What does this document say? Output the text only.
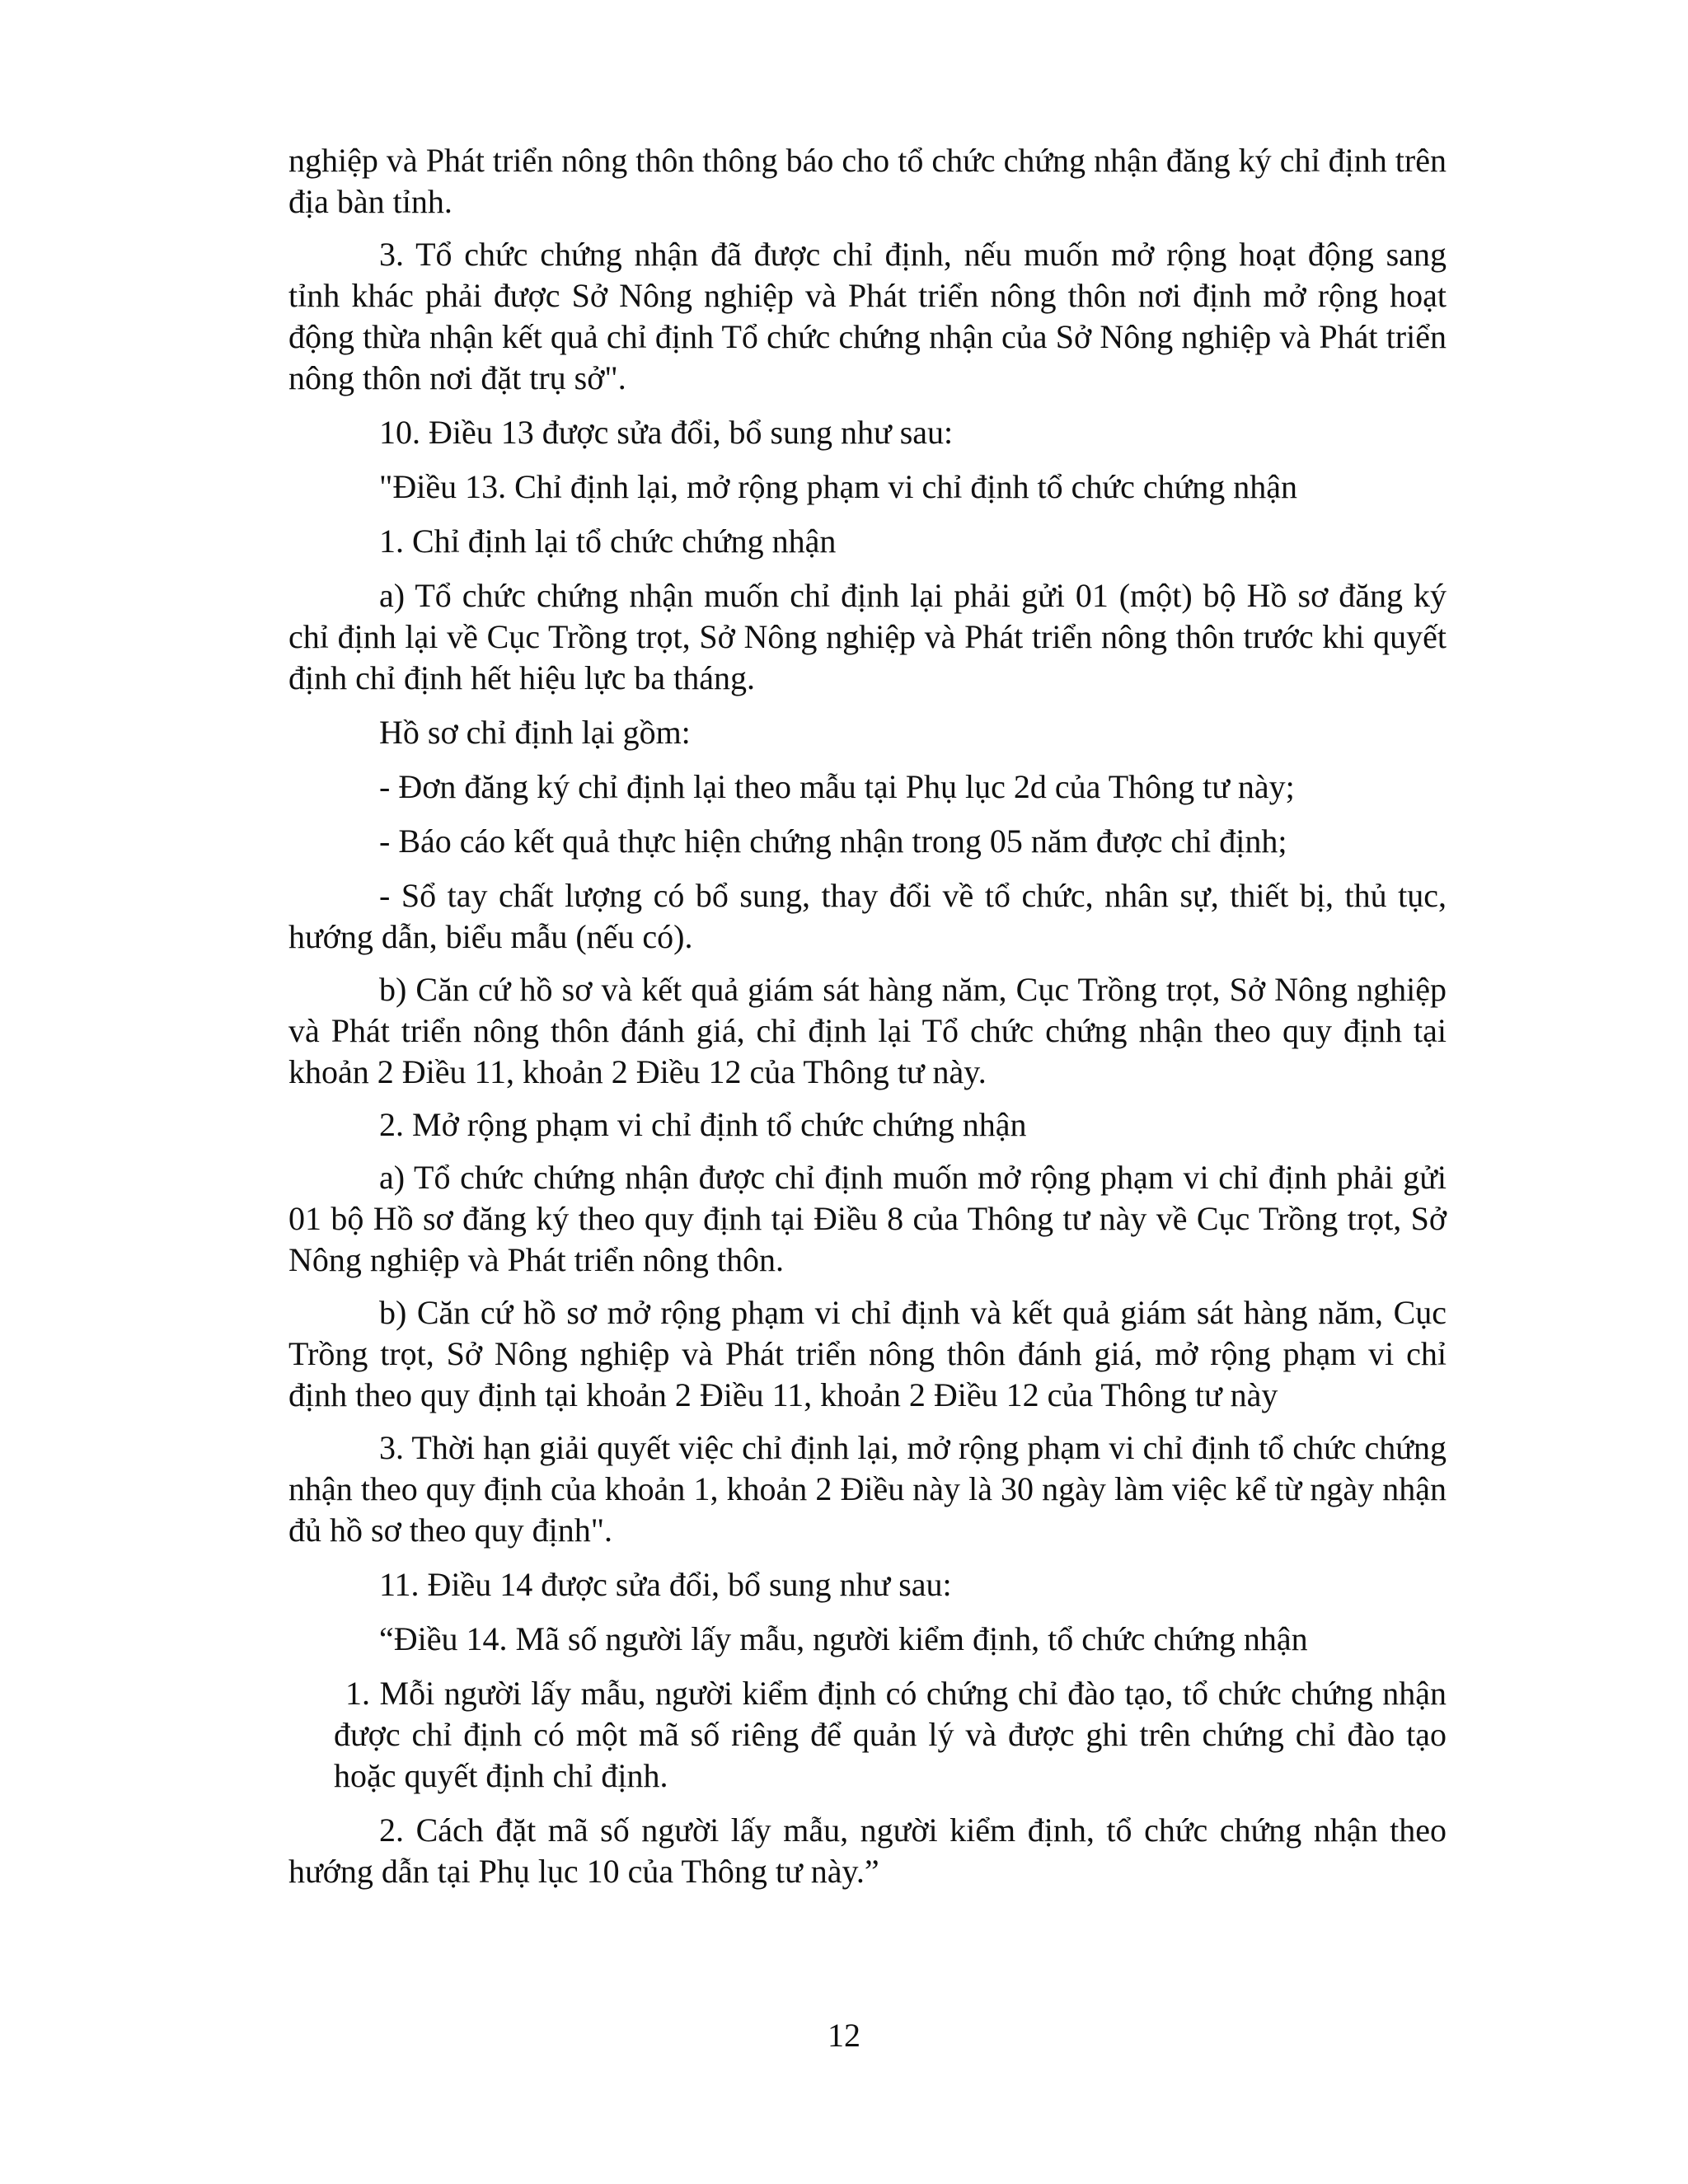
nghiệp và Phát triển nông thôn thông báo cho tổ chức chứng nhận đăng ký chỉ định trên địa bàn tỉnh.

3. Tổ chức chứng nhận đã được chỉ định, nếu muốn mở rộng hoạt động sang tỉnh khác phải được Sở Nông nghiệp và Phát triển nông thôn nơi định mở rộng hoạt động thừa nhận kết quả chỉ định Tổ chức chứng nhận của Sở Nông nghiệp và Phát triển nông thôn nơi đặt trụ sở".

10. Điều 13 được sửa đổi, bổ sung như sau:

"Điều 13. Chỉ định lại, mở rộng phạm vi chỉ định tổ chức chứng nhận

1. Chỉ định lại tổ chức chứng nhận

a) Tổ chức chứng nhận muốn chỉ định lại phải gửi 01 (một) bộ Hồ sơ đăng ký chỉ định lại về Cục Trồng trọt, Sở Nông nghiệp và Phát triển nông thôn trước khi quyết định chỉ định hết hiệu lực ba tháng.

Hồ sơ chỉ định lại gồm:

- Đơn đăng ký chỉ định lại theo mẫu tại Phụ lục 2d của Thông tư này;

- Báo cáo kết quả thực hiện chứng nhận trong 05 năm được chỉ định;

- Sổ tay chất lượng có bổ sung, thay đổi về tổ chức, nhân sự, thiết bị, thủ tục, hướng dẫn, biểu mẫu (nếu có).

b) Căn cứ hồ sơ và kết quả giám sát hàng năm, Cục Trồng trọt, Sở Nông nghiệp và Phát triển nông thôn đánh giá, chỉ định lại Tổ chức chứng nhận theo quy định tại khoản 2 Điều 11, khoản 2 Điều 12 của Thông tư này.

2. Mở rộng phạm vi chỉ định tổ chức chứng nhận

a) Tổ chức chứng nhận được chỉ định muốn mở rộng phạm vi chỉ định phải gửi 01 bộ Hồ sơ đăng ký theo quy định tại Điều 8 của Thông tư này về Cục Trồng trọt, Sở Nông nghiệp và Phát triển nông thôn.

b) Căn cứ hồ sơ mở rộng phạm vi chỉ định và kết quả giám sát hàng năm, Cục Trồng trọt, Sở Nông nghiệp và Phát triển nông thôn đánh giá, mở rộng phạm vi chỉ định theo quy định tại khoản 2 Điều 11, khoản 2 Điều 12 của Thông tư này

3. Thời hạn giải quyết việc chỉ định lại, mở rộng phạm vi chỉ định tổ chức chứng nhận theo quy định của khoản 1, khoản 2 Điều này là 30 ngày làm việc kể từ ngày nhận đủ hồ sơ theo quy định".

11. Điều 14 được sửa đổi, bổ sung như sau:

“Điều 14. Mã số người lấy mẫu, người kiểm định, tổ chức chứng nhận

1. Mỗi người lấy mẫu, người kiểm định có chứng chỉ đào tạo, tổ chức chứng nhận được chỉ định có một mã số riêng để quản lý và được ghi trên chứng chỉ đào tạo hoặc quyết định chỉ định.

2. Cách đặt mã số người lấy mẫu, người kiểm định, tổ chức chứng nhận theo hướng dẫn tại Phụ lục 10 của Thông tư này.”

12
